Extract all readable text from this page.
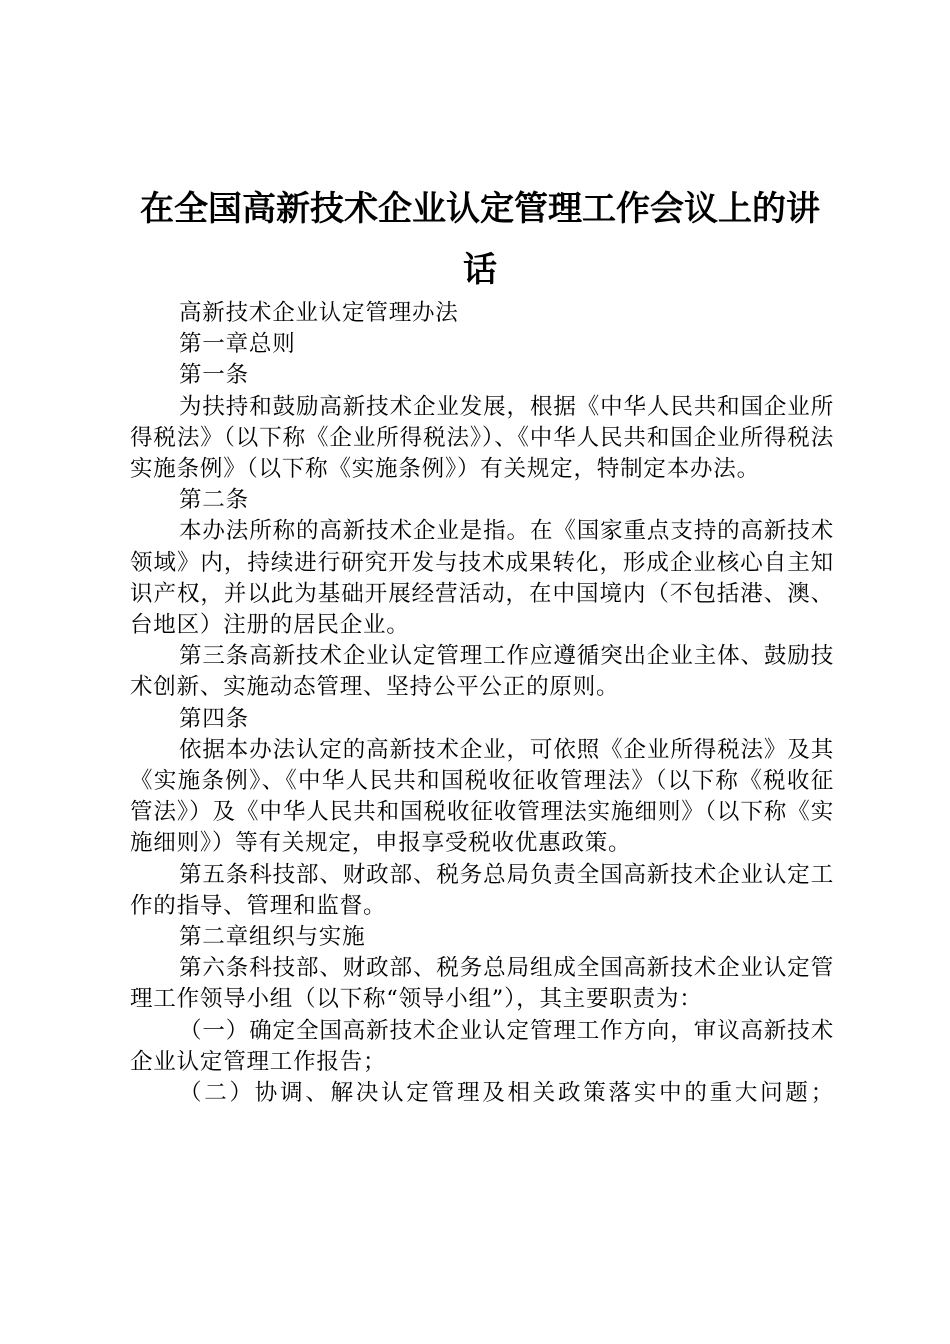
在全国高新技术企业认定管理工作会议上的讲
话

高新技术企业认定管理办法

第一章总则

第一条

为扶持和鼓励高新技术企业发展，根据《中华人民共和国企业所得税法》（以下称《企业所得税法》）、《中华人民共和国企业所得税法实施条例》（以下称《实施条例》）有关规定，特制定本办法。

第二条

本办法所称的高新技术企业是指。在《国家重点支持的高新技术领域》内，持续进行研究开发与技术成果转化，形成企业核心自主知识产权，并以此为基础开展经营活动，在中国境内（不包括港、澳、台地区）注册的居民企业。

第三条高新技术企业认定管理工作应遵循突出企业主体、鼓励技术创新、实施动态管理、坚持公平公正的原则。

第四条

依据本办法认定的高新技术企业，可依照《企业所得税法》及其《实施条例》、《中华人民共和国税收征收管理法》（以下称《税收征管法》）及《中华人民共和国税收征收管理法实施细则》（以下称《实施细则》）等有关规定，申报享受税收优惠政策。

第五条科技部、财政部、税务总局负责全国高新技术企业认定工作的指导、管理和监督。

第二章组织与实施

第六条科技部、财政部、税务总局组成全国高新技术企业认定管理工作领导小组（以下称“领导小组”），其主要职责为：

（一）确定全国高新技术企业认定管理工作方向，审议高新技术企业认定管理工作报告；

（二）协调、解决认定管理及相关政策落实中的重大问题；
